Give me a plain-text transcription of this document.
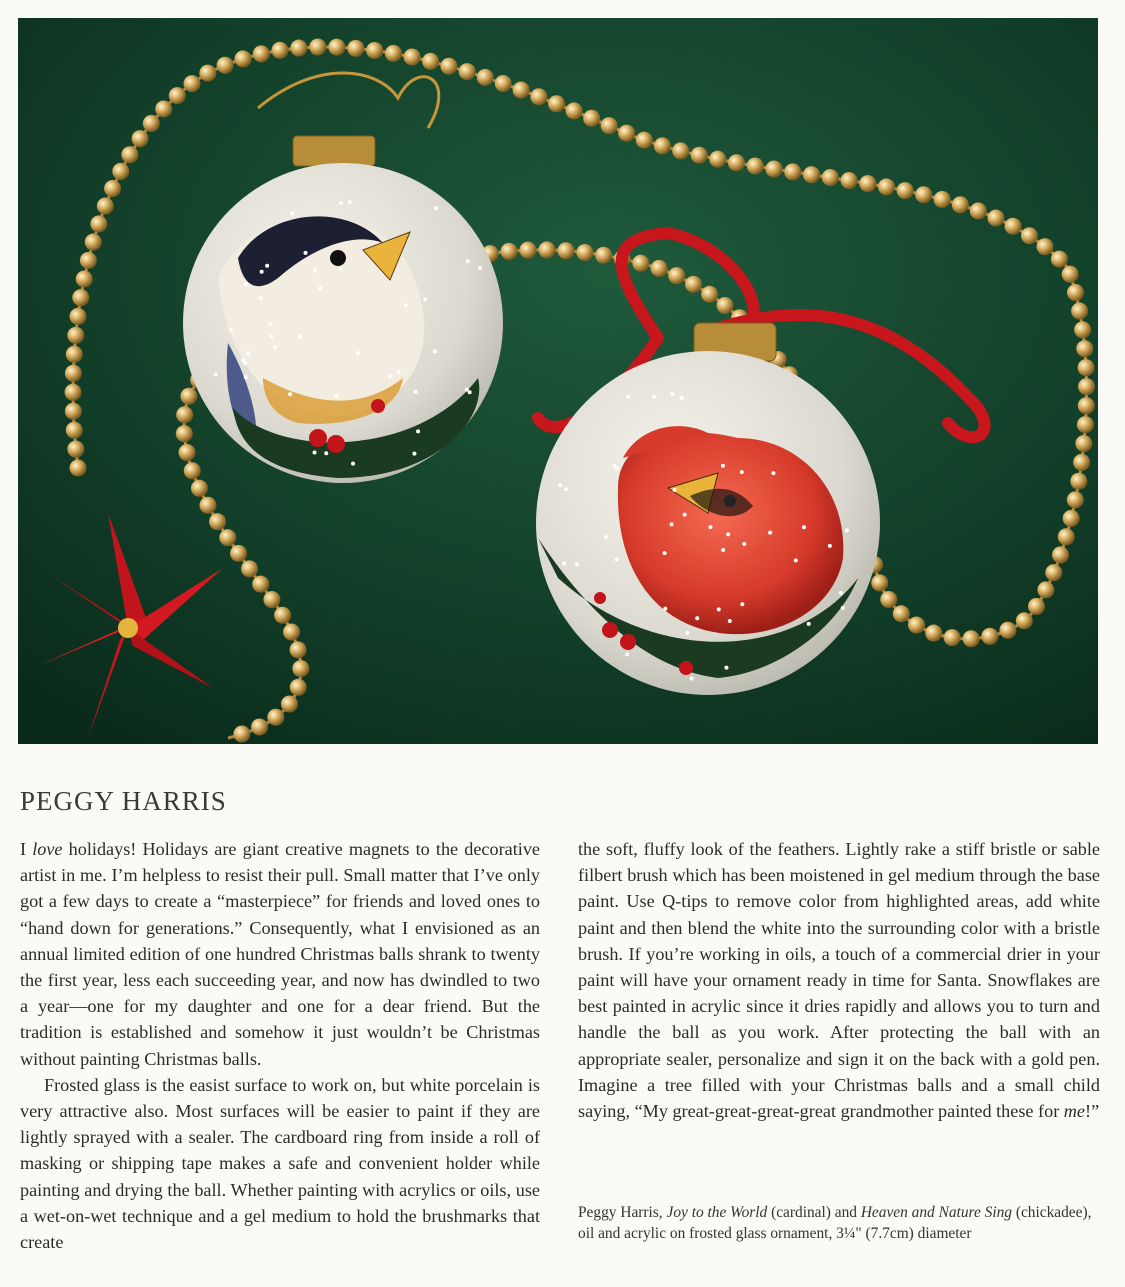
PEGGY HARRIS

I love holidays! Holidays are giant creative magnets to the decorative artist in me. I’m helpless to resist their pull. Small matter that I’ve only got a few days to create a “masterpiece” for friends and loved ones to “hand down for generations.” Consequently, what I envisioned as an annual limited edition of one hundred Christmas balls shrank to twenty the first year, less each succeeding year, and now has dwindled to two a year—one for my daughter and one for a dear friend. But the tradition is established and somehow it just wouldn’t be Christmas without painting Christmas balls.

Frosted glass is the easist surface to work on, but white porcelain is very attractive also. Most surfaces will be easier to paint if they are lightly sprayed with a sealer. The cardboard ring from inside a roll of masking or shipping tape makes a safe and convenient holder while painting and drying the ball. Whether painting with acrylics or oils, use a wet-on-wet technique and a gel medium to hold the brushmarks that create

the soft, fluffy look of the feathers. Lightly rake a stiff bristle or sable filbert brush which has been moistened in gel medium through the base paint. Use Q-tips to remove color from highlighted areas, add white paint and then blend the white into the surrounding color with a bristle brush. If you’re working in oils, a touch of a commercial drier in your paint will have your ornament ready in time for Santa. Snowflakes are best painted in acrylic since it dries rapidly and allows you to turn and handle the ball as you work. After protecting the ball with an appropriate sealer, personalize and sign it on the back with a gold pen. Imagine a tree filled with your Christmas balls and a small child saying, “My great-great-great-great grandmother painted these for me!”

Peggy Harris, Joy to the World (cardinal) and Heaven and Nature Sing (chickadee), oil and acrylic on frosted glass ornament, 3¼" (7.7cm) diameter
